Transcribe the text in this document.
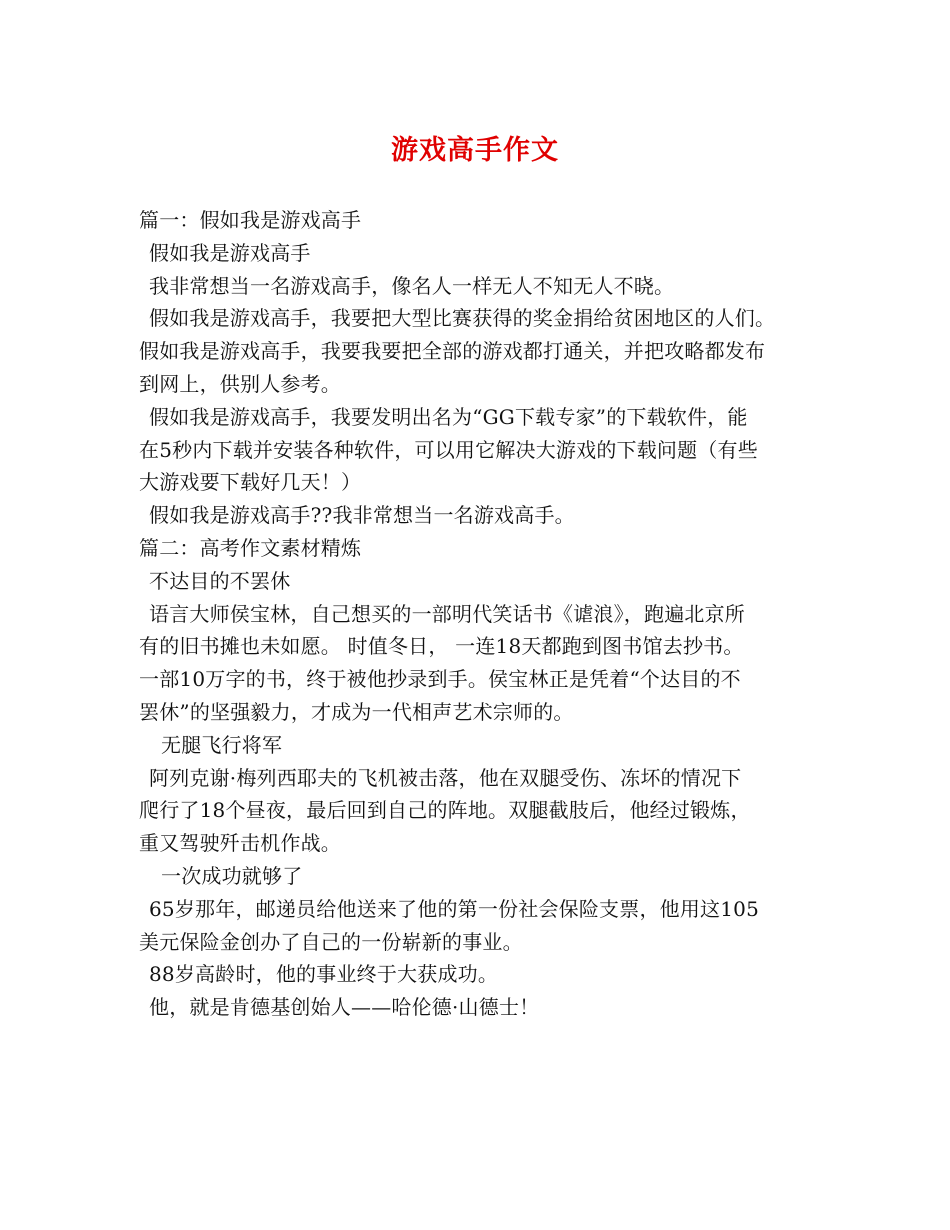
游戏高手作文
篇一：假如我是游戏高手
假如我是游戏高手
我非常想当一名游戏高手，像名人一样无人不知无人不晓。
假如我是游戏高手，我要把大型比赛获得的奖金捐给贫困地区的人们。
假如我是游戏高手，我要我要把全部的游戏都打通关，并把攻略都发布
到网上，供别人参考。
假如我是游戏高手，我要发明出名为“GG下载专家”的下载软件，能
在5秒内下载并安装各种软件，可以用它解决大游戏的下载问题（有些
大游戏要下载好几天！）
假如我是游戏高手??我非常想当一名游戏高手。
篇二：高考作文素材精炼
不达目的不罢休
语言大师侯宝林，自己想买的一部明代笑话书《谑浪》，跑遍北京所
有的旧书摊也未如愿。 时值冬日， 一连18天都跑到图书馆去抄书。
一部10万字的书，终于被他抄录到手。侯宝林正是凭着“个达目的不
罢休”的坚强毅力，才成为一代相声艺术宗师的。
无腿飞行将军
阿列克谢·梅列西耶夫的飞机被击落，他在双腿受伤、冻坏的情况下
爬行了18个昼夜，最后回到自己的阵地。双腿截肢后，他经过锻炼，
重又驾驶歼击机作战。
一次成功就够了
65岁那年，邮递员给他送来了他的第一份社会保险支票，他用这105
美元保险金创办了自己的一份崭新的事业。
88岁高龄时，他的事业终于大获成功。
他，就是肯德基创始人——哈伦德·山德士！
